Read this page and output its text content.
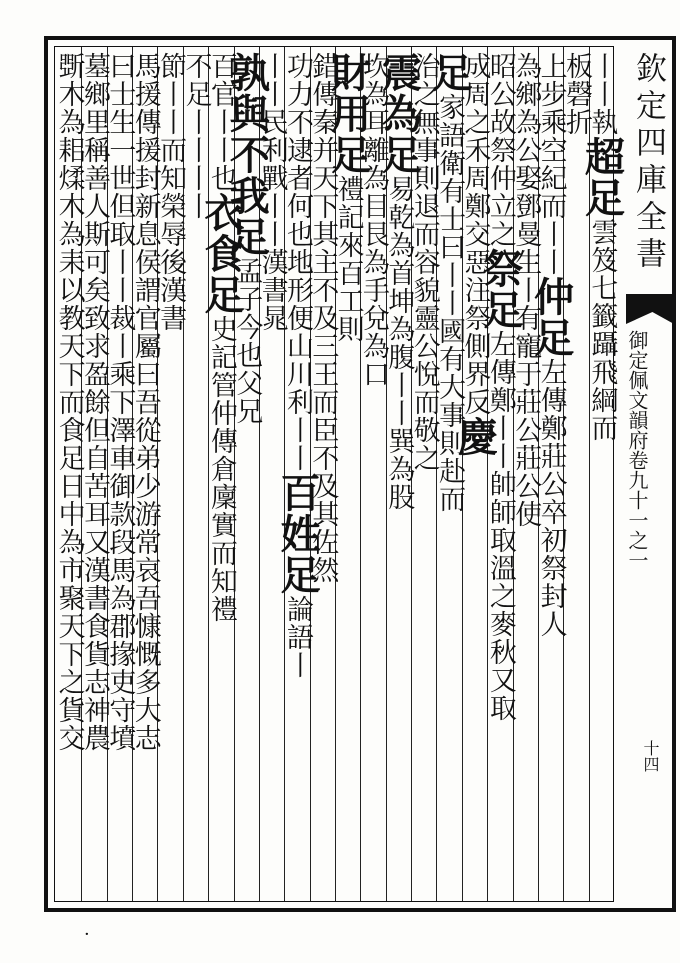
丨丨執超足雲笈七籤躡飛綱而
板磬折
上步乘空紀而丨丨仲足左傳鄭莊公卒初祭封人
為鄉為公娶鄧曼生丨有寵于莊公莊公使
昭公故祭仲立之祭足左傳鄭丨丨帥師取溫之麥秋又取
成周之禾周鄭交惡注祭側界反慶
足家語衛有士曰丨丨國有大事則赴而
治之無事則退而容貌靈公悅而敬之
震為足易乾為首坤為腹丨丨巽為股
坎為耳離為目艮為手兌為口
財用足禮記來百工則
錯傳秦并天下其主不及三王而臣不及其佐然
功力不逮者何也地形便山川利丨丨百姓足論語丨
丨丨民利戰丨丨漢書晁
孰與不我足孟子今也父兄
百官丨丨也衣食足史記管仲傳倉廩實而知禮
不足丨丨丨丨
節丨丨而知榮辱後漢書
馬援傳援封新息侯謂官屬曰吾從弟少游常哀吾慷慨多大志
曰士生一世但取丨丨裁丨乘下澤車御款段馬為郡掾吏守墳
墓鄉里稱善人斯可矣致求盈餘但自苦耳又漢書食貨志神農
斲木為耜煣木為耒以教天下而食足日中為市聚天下之貨交	欽定四庫全書
御定佩文韻府卷九十一之一
十四
·
